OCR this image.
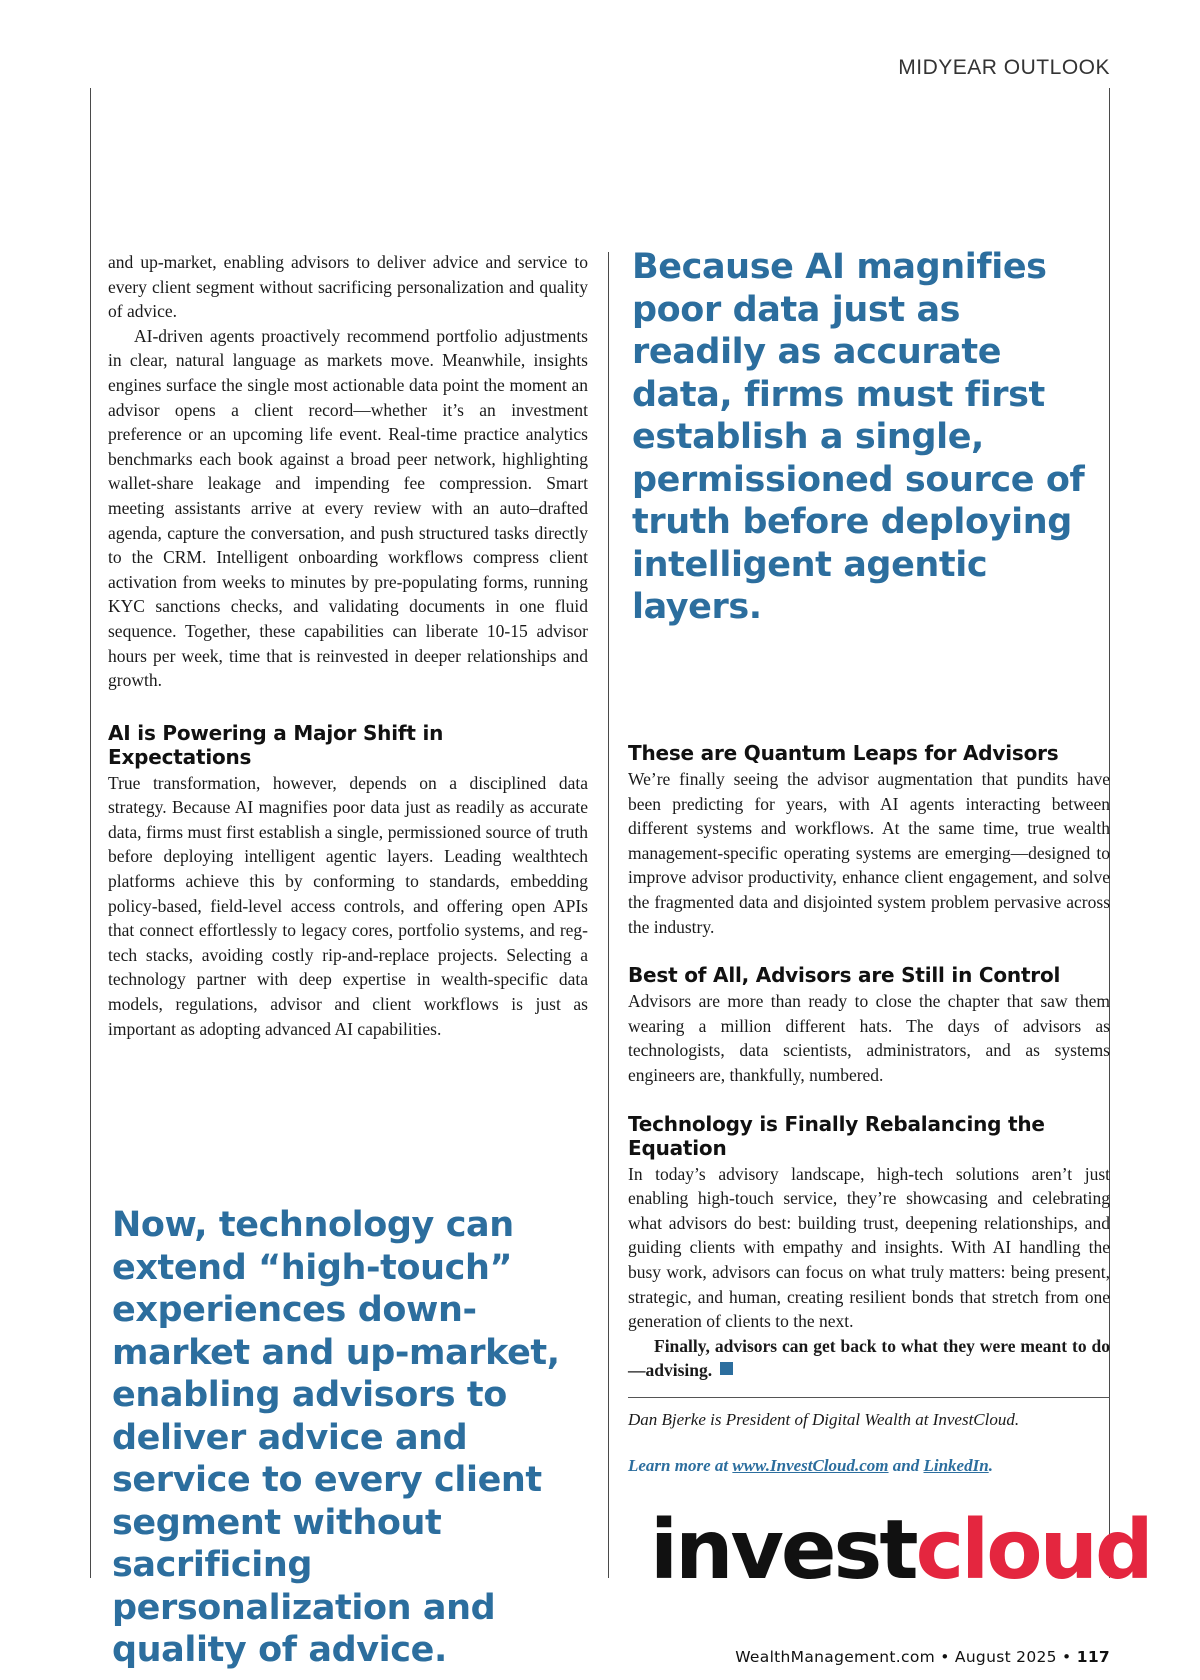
MIDYEAR OUTLOOK

and up-market, enabling advisors to deliver advice and service to every client segment without sacrificing personalization and quality of advice.

AI-driven agents proactively recommend portfolio adjustments in clear, natural language as markets move. Meanwhile, insights engines surface the single most actionable data point the moment an advisor opens a client record—whether it’s an investment preference or an upcoming life event. Real-time practice analytics benchmarks each book against a broad peer network, highlighting wallet-share leakage and impending fee compression. Smart meeting assistants arrive at every review with an auto–drafted agenda, capture the conversation, and push structured tasks directly to the CRM. Intelligent onboarding workflows compress client activation from weeks to minutes by pre-populating forms, running KYC sanctions checks, and validating documents in one fluid sequence. Together, these capabilities can liberate 10-15 advisor hours per week, time that is reinvested in deeper relationships and growth.

AI is Powering a Major Shift in Expectations

True transformation, however, depends on a disciplined data strategy. Because AI magnifies poor data just as readily as accurate data, firms must first establish a single, permissioned source of truth before deploying intelligent agentic layers. Leading wealthtech platforms achieve this by conforming to standards, embedding policy-based, field-level access controls, and offering open APIs that connect effortlessly to legacy cores, portfolio systems, and reg-tech stacks, avoiding costly rip-and-replace projects. Selecting a technology partner with deep expertise in wealth-specific data models, regulations, advisor and client workflows is just as important as adopting advanced AI capabilities.

Now, technology can extend “high-touch” experiences down-market and up-market, enabling advisors to deliver advice and service to every client segment without sacrificing personalization and quality of advice.

Because AI magnifies poor data just as readily as accurate data, firms must first establish a single, permissioned source of truth before deploying intelligent agentic layers.

These are Quantum Leaps for Advisors

We’re finally seeing the advisor augmentation that pundits have been predicting for years, with AI agents interacting between different systems and workflows. At the same time, true wealth management-specific operating systems are emerging—designed to improve advisor productivity, enhance client engagement, and solve the fragmented data and disjointed system problem pervasive across the industry.

Best of All, Advisors are Still in Control

Advisors are more than ready to close the chapter that saw them wearing a million different hats. The days of advisors as technologists, data scientists, administrators, and as systems engineers are, thankfully, numbered.

Technology is Finally Rebalancing the Equation

In today’s advisory landscape, high-tech solutions aren’t just enabling high-touch service, they’re showcasing and celebrating what advisors do best: building trust, deepening relationships, and guiding clients with empathy and insights. With AI handling the busy work, advisors can focus on what truly matters: being present, strategic, and human, creating resilient bonds that stretch from one generation of clients to the next.

Finally, advisors can get back to what they were meant to do—advising.

Dan Bjerke is President of Digital Wealth at InvestCloud.

Learn more at www.InvestCloud.com and LinkedIn.

investcloud
WealthManagement.com • August 2025 • 117
